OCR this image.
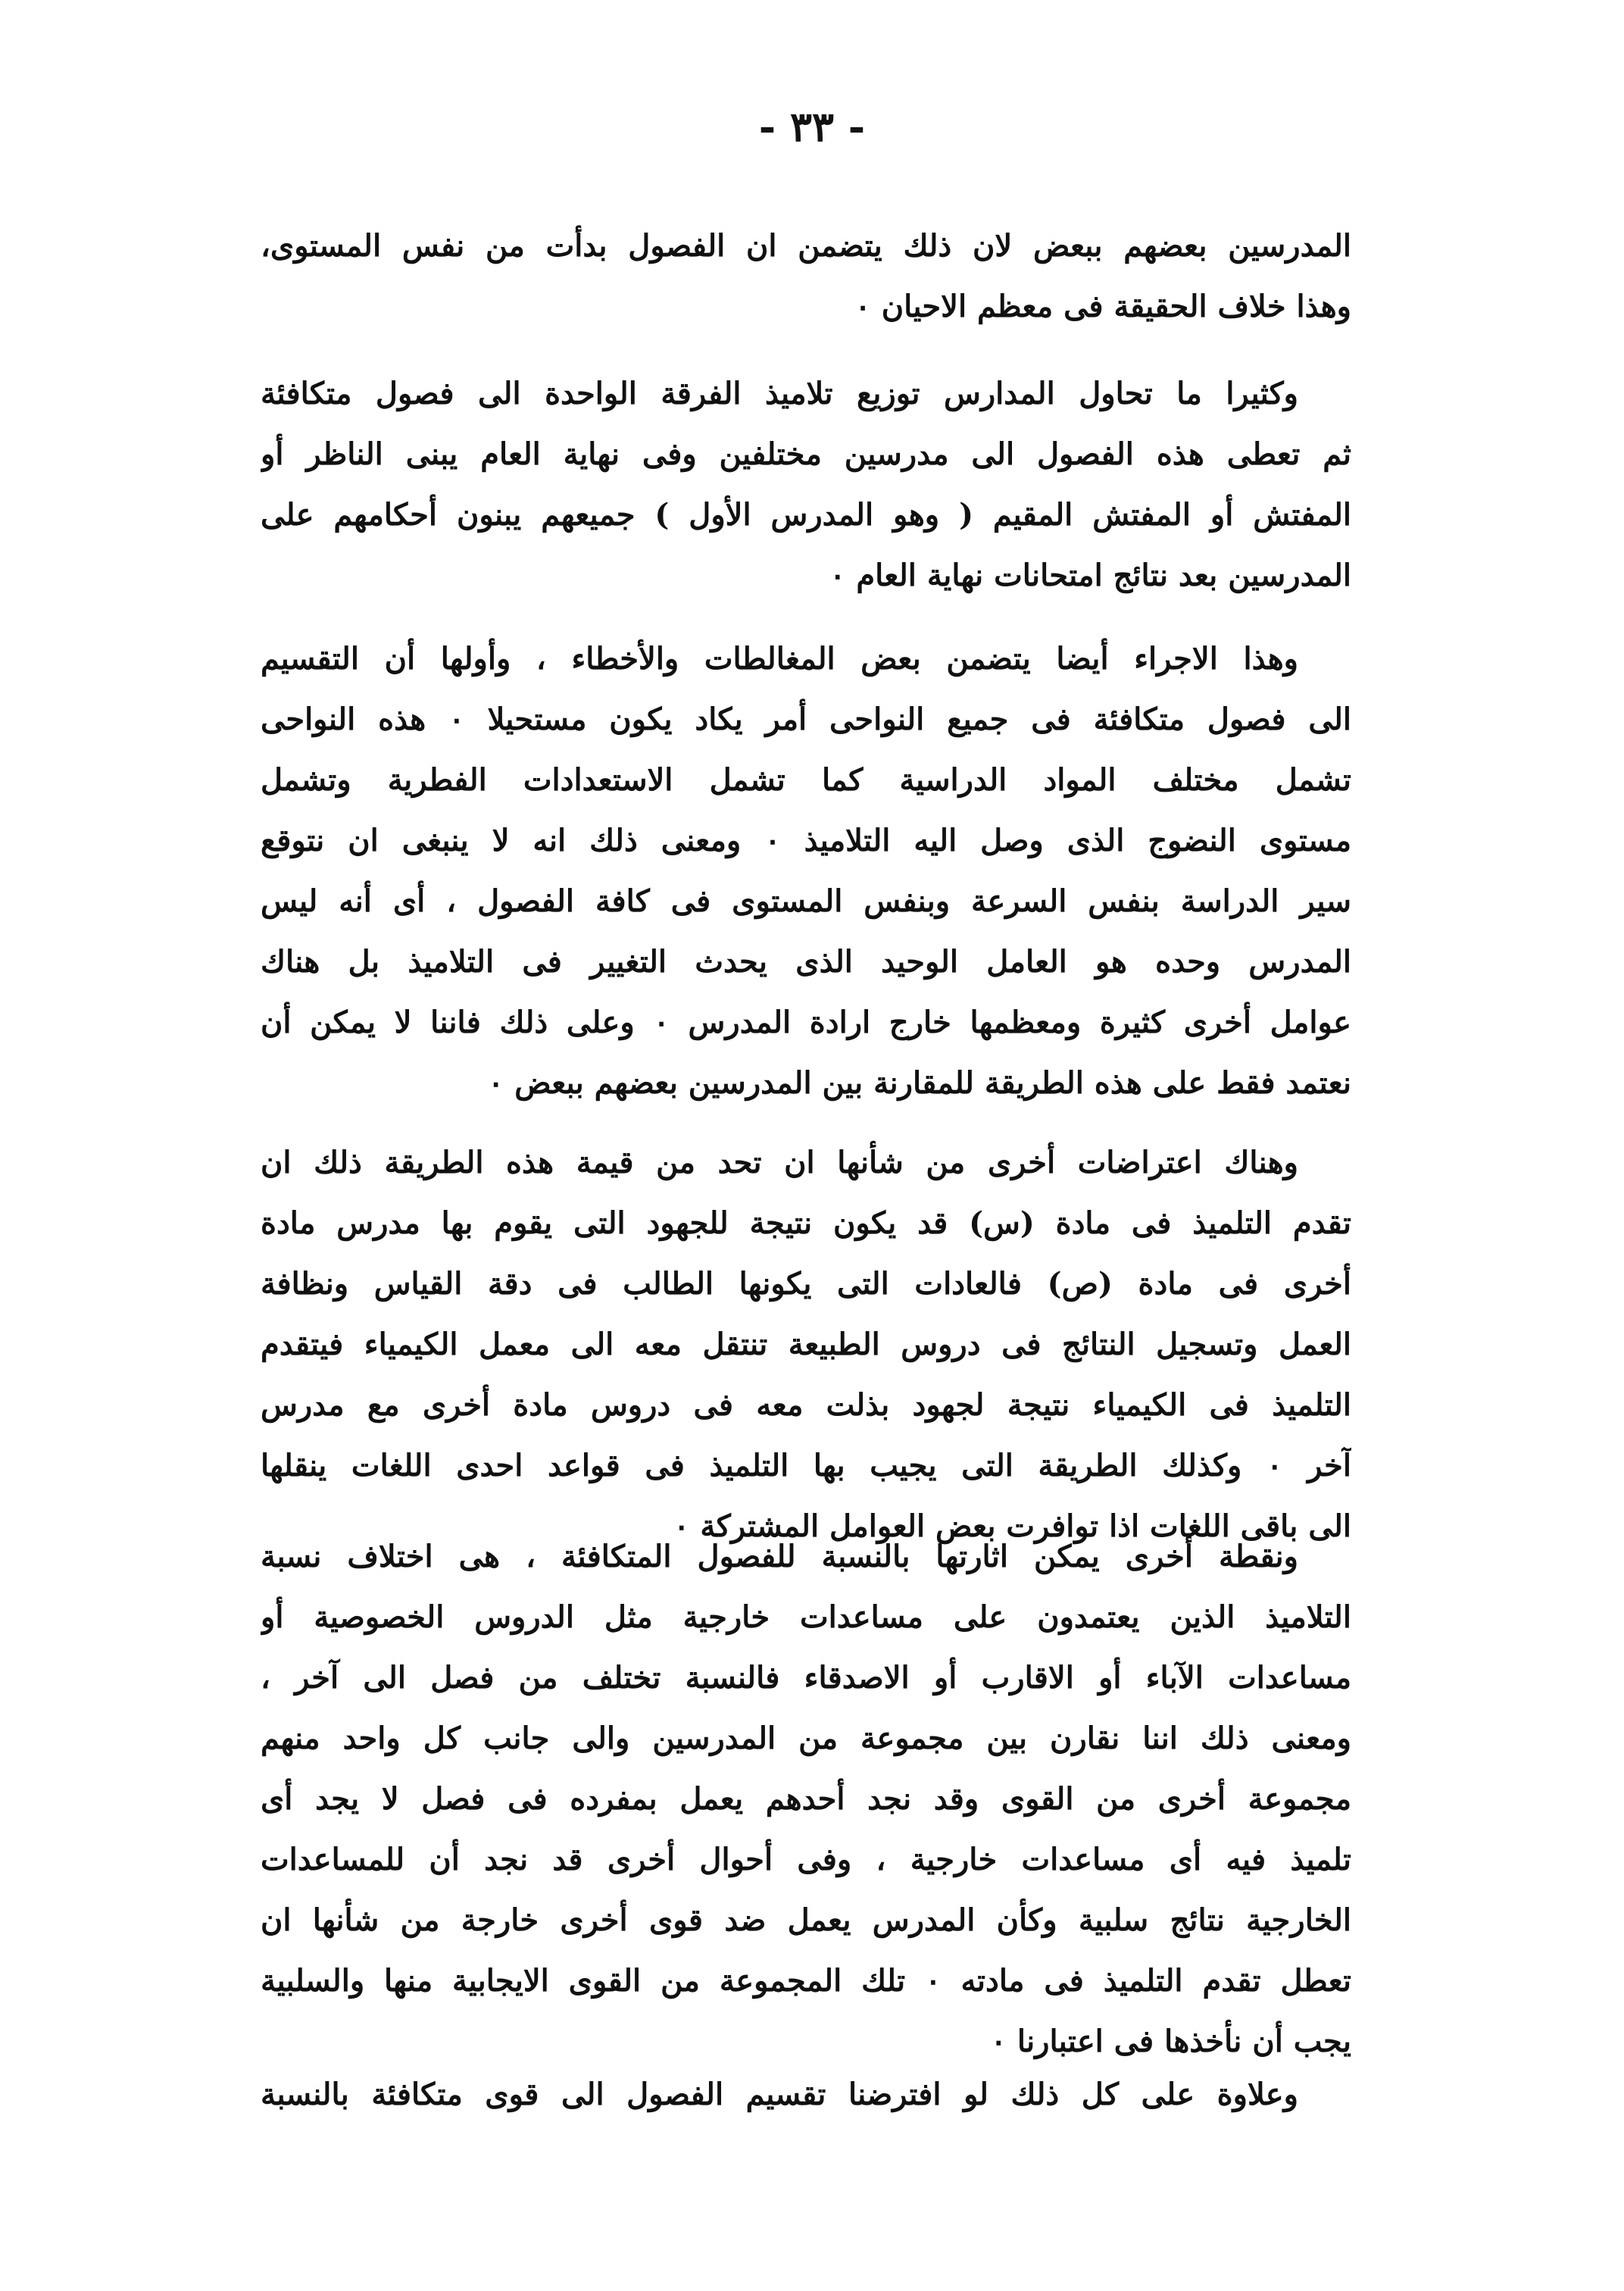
- ٣٣ -
المدرسين بعضهم ببعض لان ذلك يتضمن ان الفصول بدأت من نفس المستوى،
وهذا خلاف الحقيقة فى معظم الاحيان ٠
وكثيرا ما تحاول المدارس توزيع تلاميذ الفرقة الواحدة الى فصول متكافئة
ثم تعطى هذه الفصول الى مدرسين مختلفين وفى نهاية العام يبنى الناظر أو
المفتش أو المفتش المقيم ( وهو المدرس الأول ) جميعهم يبنون أحكامهم على
المدرسين بعد نتائج امتحانات نهاية العام ٠
وهذا الاجراء أيضا يتضمن بعض المغالطات والأخطاء ، وأولها أن التقسيم
الى فصول متكافئة فى جميع النواحى أمر يكاد يكون مستحيلا ٠ هذه النواحى
تشمل مختلف المواد الدراسية كما تشمل الاستعدادات الفطرية وتشمل
مستوى النضوج الذى وصل اليه التلاميذ ٠ ومعنى ذلك انه لا ينبغى ان نتوقع
سير الدراسة بنفس السرعة وبنفس المستوى فى كافة الفصول ، أى أنه ليس
المدرس وحده هو العامل الوحيد الذى يحدث التغيير فى التلاميذ بل هناك
عوامل أخرى كثيرة ومعظمها خارج ارادة المدرس ٠ وعلى ذلك فاننا لا يمكن أن
نعتمد فقط على هذه الطريقة للمقارنة بين المدرسين بعضهم ببعض ٠
وهناك اعتراضات أخرى من شأنها ان تحد من قيمة هذه الطريقة ذلك ان
تقدم التلميذ فى مادة (س) قد يكون نتيجة للجهود التى يقوم بها مدرس مادة
أخرى فى مادة (ص) فالعادات التى يكونها الطالب فى دقة القياس ونظافة
العمل وتسجيل النتائج فى دروس الطبيعة تنتقل معه الى معمل الكيمياء فيتقدم
التلميذ فى الكيمياء نتيجة لجهود بذلت معه فى دروس مادة أخرى مع مدرس
آخر ٠ وكذلك الطريقة التى يجيب بها التلميذ فى قواعد احدى اللغات ينقلها
الى باقى اللغات اذا توافرت بعض العوامل المشتركة ٠
ونقطة أخرى يمكن اثارتها بالنسبة للفصول المتكافئة ، هى اختلاف نسبة
التلاميذ الذين يعتمدون على مساعدات خارجية مثل الدروس الخصوصية أو
مساعدات الآباء أو الاقارب أو الاصدقاء فالنسبة تختلف من فصل الى آخر ،
ومعنى ذلك اننا نقارن بين مجموعة من المدرسين والى جانب كل واحد منهم
مجموعة أخرى من القوى وقد نجد أحدهم يعمل بمفرده فى فصل لا يجد أى
تلميذ فيه أى مساعدات خارجية ، وفى أحوال أخرى قد نجد أن للمساعدات
الخارجية نتائج سلبية وكأن المدرس يعمل ضد قوى أخرى خارجة من شأنها ان
تعطل تقدم التلميذ فى مادته ٠ تلك المجموعة من القوى الايجابية منها والسلبية
يجب أن نأخذها فى اعتبارنا ٠
وعلاوة على كل ذلك لو افترضنا تقسيم الفصول الى قوى متكافئة بالنسبة
